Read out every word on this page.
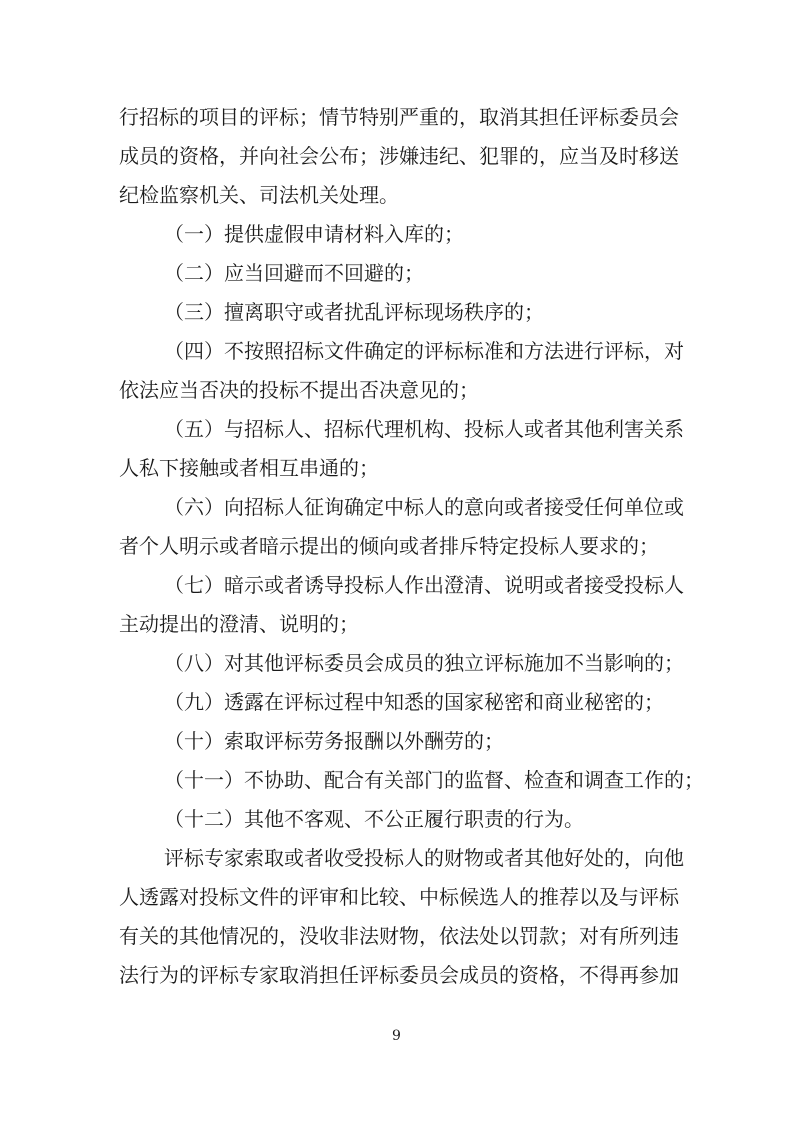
行招标的项目的评标；情节特别严重的，取消其担任评标委员会
成员的资格，并向社会公布；涉嫌违纪、犯罪的，应当及时移送
纪检监察机关、司法机关处理。
（一）提供虚假申请材料入库的；
（二）应当回避而不回避的；
（三）擅离职守或者扰乱评标现场秩序的；
（四）不按照招标文件确定的评标标准和方法进行评标，对
依法应当否决的投标不提出否决意见的；
（五）与招标人、招标代理机构、投标人或者其他利害关系
人私下接触或者相互串通的；
（六）向招标人征询确定中标人的意向或者接受任何单位或
者个人明示或者暗示提出的倾向或者排斥特定投标人要求的；
（七）暗示或者诱导投标人作出澄清、说明或者接受投标人
主动提出的澄清、说明的；
（八）对其他评标委员会成员的独立评标施加不当影响的；
（九）透露在评标过程中知悉的国家秘密和商业秘密的；
（十）索取评标劳务报酬以外酬劳的；
（十一）不协助、配合有关部门的监督、检查和调查工作的；
（十二）其他不客观、不公正履行职责的行为。
评标专家索取或者收受投标人的财物或者其他好处的，向他
人透露对投标文件的评审和比较、中标候选人的推荐以及与评标
有关的其他情况的，没收非法财物，依法处以罚款；对有所列违
法行为的评标专家取消担任评标委员会成员的资格，不得再参加
9
